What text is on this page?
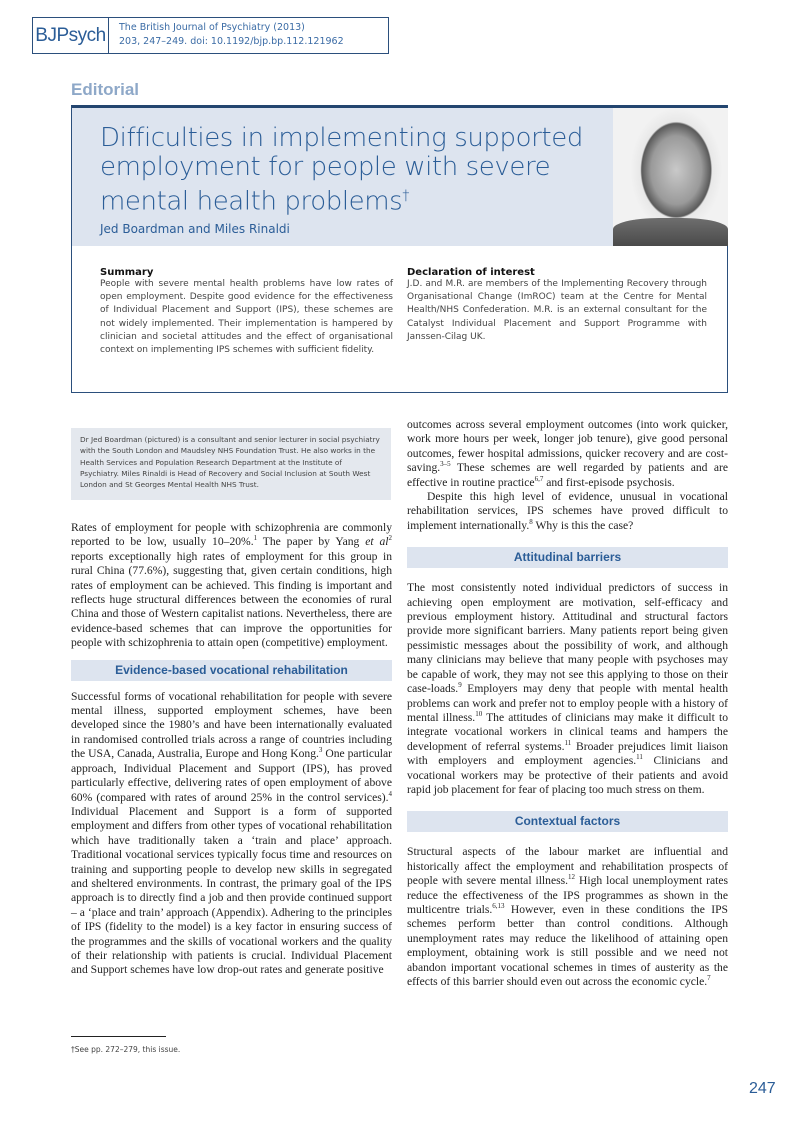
BJPsych	The British Journal of Psychiatry (2013)
203, 247–249. doi: 10.1192/bjp.bp.112.121962
Editorial
Difficulties in implementing supported employment for people with severe mental health problems†
Jed Boardman and Miles Rinaldi
Summary
People with severe mental health problems have low rates of open employment. Despite good evidence for the effectiveness of Individual Placement and Support (IPS), these schemes are not widely implemented. Their implementation is hampered by clinician and societal attitudes and the effect of organisational context on implementing IPS schemes with sufficient fidelity.
Declaration of interest
J.D. and M.R. are members of the Implementing Recovery through Organisational Change (ImROC) team at the Centre for Mental Health/NHS Confederation. M.R. is an external consultant for the Catalyst Individual Placement and Support Programme with Janssen-Cilag UK.
Dr Jed Boardman (pictured) is a consultant and senior lecturer in social psychiatry with the South London and Maudsley NHS Foundation Trust. He also works in the Health Services and Population Research Department at the Institute of Psychiatry. Miles Rinaldi is Head of Recovery and Social Inclusion at South West London and St Georges Mental Health NHS Trust.

Rates of employment for people with schizophrenia are commonly reported to be low, usually 10–20%.$^1$ The paper by Yang et $al^2$ reports exceptionally high rates of employment for this group in rural China (77.6%), suggesting that, given certain conditions, high rates of employment can be achieved. This finding is important and reflects huge structural differences between the economies of rural China and those of Western capitalist nations. Nevertheless, there are evidence-based schemes that can improve the opportunities for people with schizophrenia to attain open (competitive) employment.

Evidence-based vocational rehabilitation

Successful forms of vocational rehabilitation for people with severe mental illness, supported employment schemes, have been developed since the 1980’s and have been internationally evaluated in randomised controlled trials across a range of countries including the USA, Canada, Australia, Europe and Hong Kong.$^3$ One particular approach, Individual Placement and Support (IPS), has proved particularly effective, delivering rates of open employment of above 60% (compared with rates of around 25% in the control services).$^4$ Individual Placement and Support is a form of supported employment and differs from other types of vocational rehabilitation which have traditionally taken a ‘train and place’ approach. Traditional vocational services typically focus time and resources on training and supporting people to develop new skills in segregated and sheltered environments. In contrast, the primary goal of the IPS approach is to directly find a job and then provide continued support – a ‘place and train’ approach (Appendix). Adhering to the principles of IPS (fidelity to the model) is a key factor in ensuring success of the programmes and the skills of vocational workers and the quality of their relationship with patients is crucial. Individual Placement and Support schemes have low drop-out rates and generate positive

†See pp. 272–279, this issue.

outcomes across several employment outcomes (into work quicker, work more hours per week, longer job tenure), give good personal outcomes, fewer hospital admissions, quicker recovery and are cost-saving.$^{3-5}$ These schemes are well regarded by patients and are effective in routine practice$^{6,7}$ and first-episode psychosis.

Despite this high level of evidence, unusual in vocational rehabilitation services, IPS schemes have proved difficult to implement internationally.$^8$ Why is this the case?

Attitudinal barriers

The most consistently noted individual predictors of success in achieving open employment are motivation, self-efficacy and previous employment history. Attitudinal and structural factors provide more significant barriers. Many patients report being given pessimistic messages about the possibility of work, and although many clinicians may believe that many people with psychoses may be capable of work, they may not see this applying to those on their case-loads.$^9$ Employers may deny that people with mental health problems can work and prefer not to employ people with a history of mental illness.$^{10}$ The attitudes of clinicians may make it difficult to integrate vocational workers in clinical teams and hampers the development of referral systems.$^{11}$ Broader prejudices limit liaison with employers and employment agencies.$^{11}$ Clinicians and vocational workers may be protective of their patients and avoid rapid job placement for fear of placing too much stress on them.

Contextual factors

Structural aspects of the labour market are influential and historically affect the employment and rehabilitation prospects of people with severe mental illness.$^{12}$ High local unemployment rates reduce the effectiveness of the IPS programmes as shown in the multicentre trials.$^{6,13}$ However, even in these conditions the IPS schemes perform better than control conditions. Although unemployment rates may reduce the likelihood of attaining open employment, obtaining work is still possible and we need not abandon important vocational schemes in times of austerity as the effects of this barrier should even out across the economic cycle.$^7$

247
